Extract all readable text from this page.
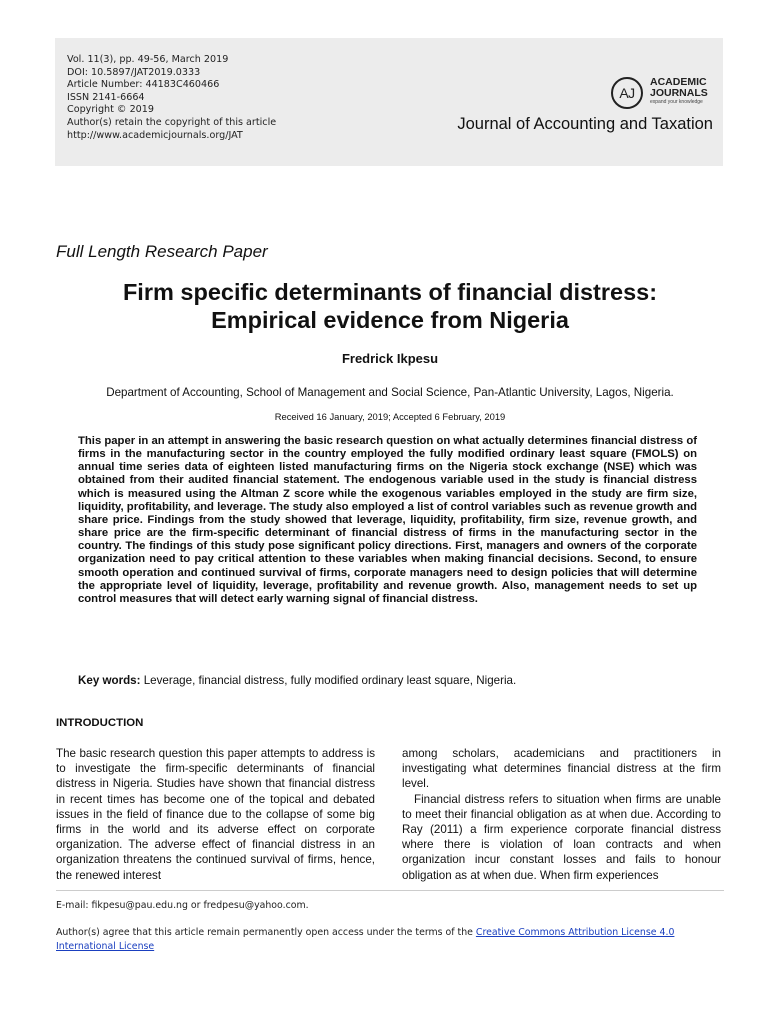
Vol. 11(3), pp. 49-56, March 2019
DOI: 10.5897/JAT2019.0333
Article Number: 44183C460466
ISSN 2141-6664
Copyright © 2019
Author(s) retain the copyright of this article
http://www.academicjournals.org/JAT
AJ
ACADEMIC
JOURNALS
expand your knowledge
Journal of Accounting and Taxation
Full Length Research Paper
Firm specific determinants of financial distress:
Empirical evidence from Nigeria
Fredrick Ikpesu
Department of Accounting, School of Management and Social Science, Pan-Atlantic University, Lagos, Nigeria.
Received 16 January, 2019; Accepted 6 February, 2019
This paper in an attempt in answering the basic research question on what actually determines financial distress of firms in the manufacturing sector in the country employed the fully modified ordinary least square (FMOLS) on annual time series data of eighteen listed manufacturing firms on the Nigeria stock exchange (NSE) which was obtained from their audited financial statement. The endogenous variable used in the study is financial distress which is measured using the Altman Z score while the exogenous variables employed in the study are firm size, liquidity, profitability, and leverage. The study also employed a list of control variables such as revenue growth and share price. Findings from the study showed that leverage, liquidity, profitability, firm size, revenue growth, and share price are the firm-specific determinant of financial distress of firms in the manufacturing sector in the country. The findings of this study pose significant policy directions. First, managers and owners of the corporate organization need to pay critical attention to these variables when making financial decisions. Second, to ensure smooth operation and continued survival of firms, corporate managers need to design policies that will determine the appropriate level of liquidity, leverage, profitability and revenue growth. Also, management needs to set up control measures that will detect early warning signal of financial distress.
Key words: Leverage, financial distress, fully modified ordinary least square, Nigeria.
INTRODUCTION

The basic research question this paper attempts to address is to investigate the firm-specific determinants of financial distress in Nigeria. Studies have shown that financial distress in recent times has become one of the topical and debated issues in the field of finance due to the collapse of some big firms in the world and its adverse effect on corporate organization. The adverse effect of financial distress in an organization threatens the continued survival of firms, hence, the renewed interest

among scholars, academicians and practitioners in investigating what determines financial distress at the firm level.

Financial distress refers to situation when firms are unable to meet their financial obligation as at when due. According to Ray (2011) a firm experience corporate financial distress where there is violation of loan contracts and when organization incur constant losses and fails to honour obligation as at when due. When firm experiences

E-mail: fikpesu@pau.edu.ng or fredpesu@yahoo.com.
Author(s) agree that this article remain permanently open access under the terms of the Creative Commons Attribution License 4.0 International License
